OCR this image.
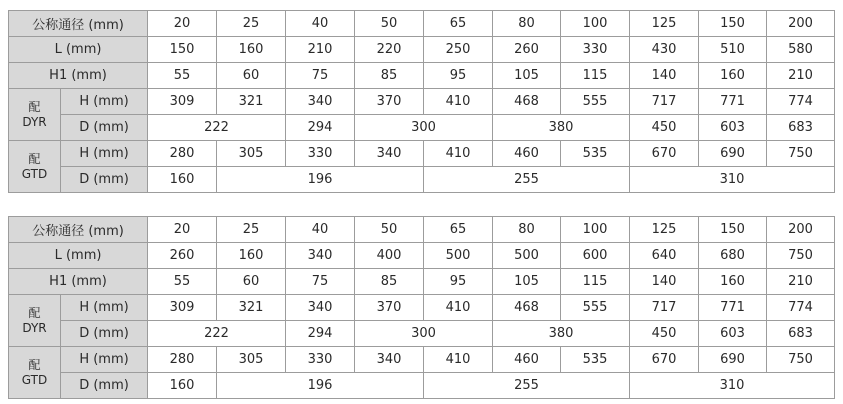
公称通径 (mm)		20	25	40	50	65	80	100	125	150	200
L (mm)		150	160	210	220	250	260	330	430	510	580
H1 (mm)		55	60	75	85	95	105	115	140	160	210

配
DYR	H (mm)	309	321	340	370	410	468	555	717	771	774
	D (mm)	222		294	300		380		450	603	683

配
GTD	H (mm)	280	305	330	340	410	460	535	670	690	750
	D (mm)	160	196			255			310		
公称通径 (mm)		20	25	40	50	65	80	100	125	150	200
L (mm)		260	160	340	400	500	500	600	640	680	750
H1 (mm)		55	60	75	85	95	105	115	140	160	210

配
DYR	H (mm)	309	321	340	370	410	468	555	717	771	774
	D (mm)	222		294	300		380		450	603	683

配
GTD	H (mm)	280	305	330	340	410	460	535	670	690	750
	D (mm)	160	196			255			310		
